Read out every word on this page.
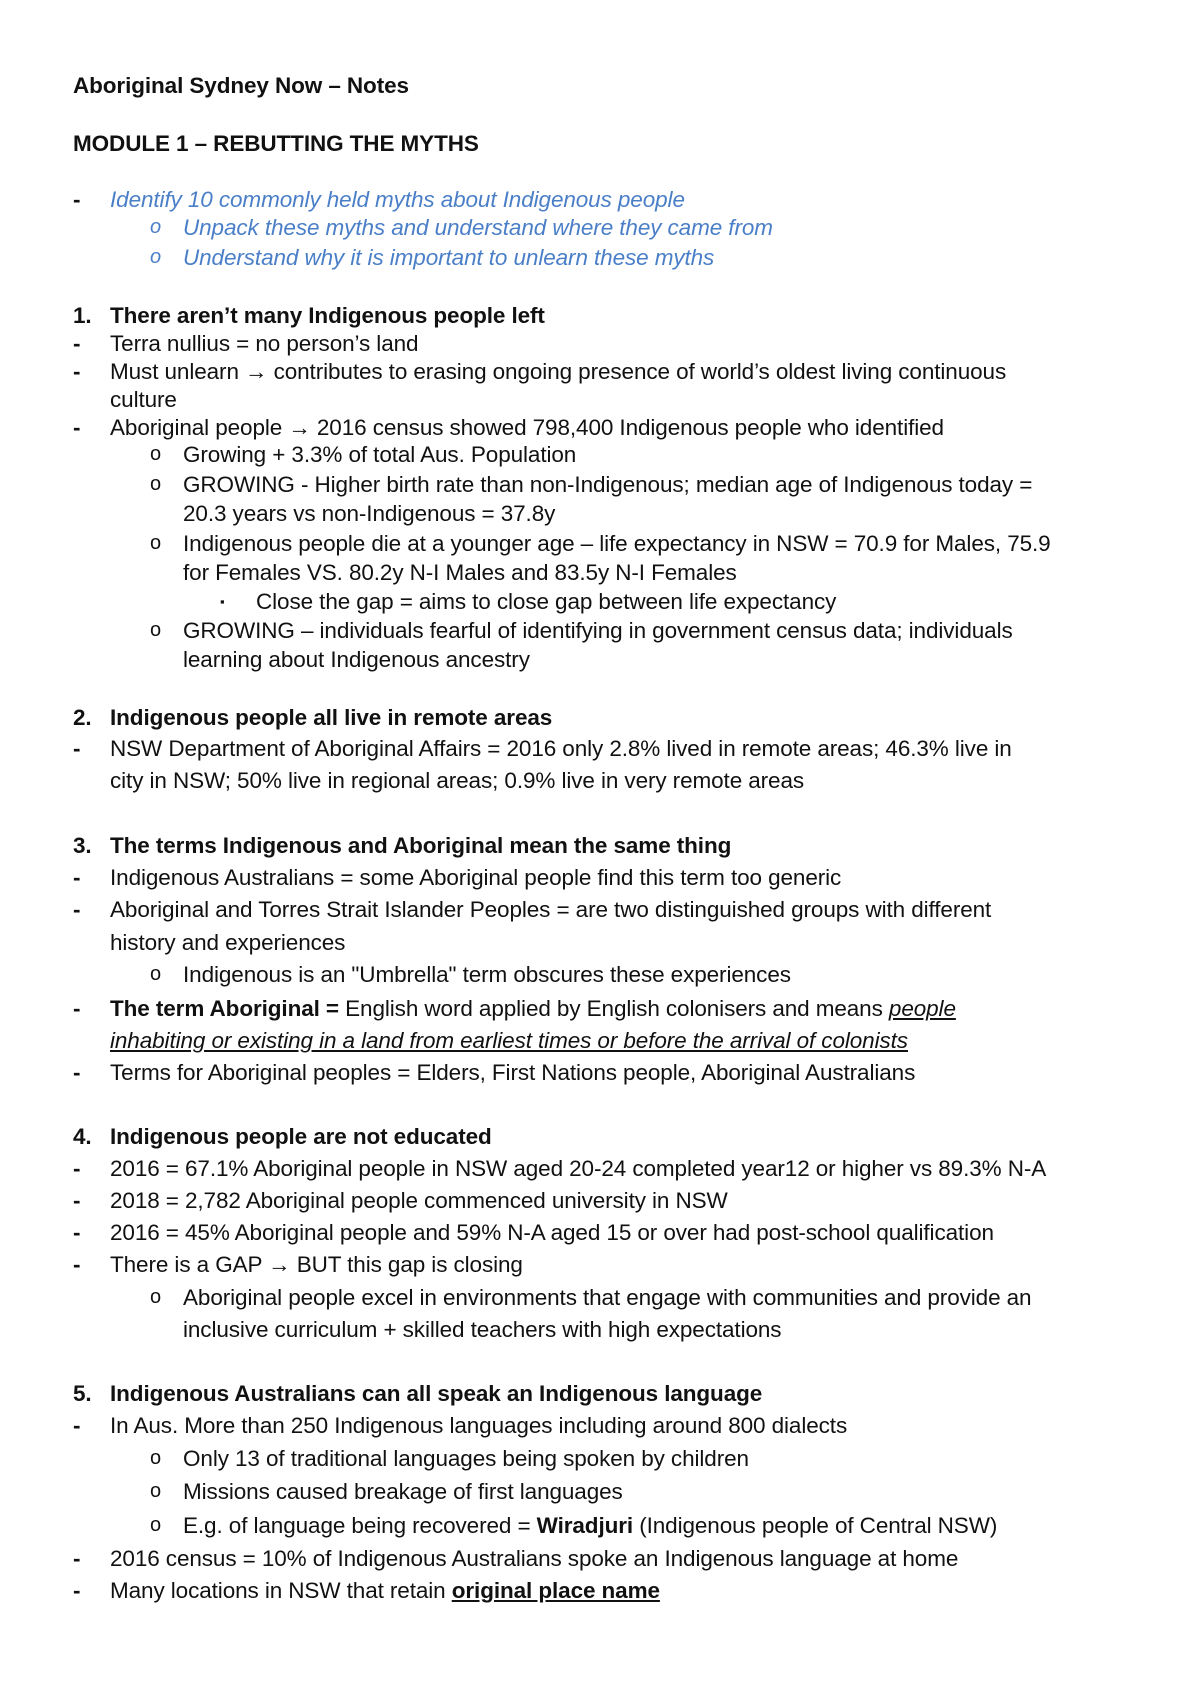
Aboriginal Sydney Now – Notes
MODULE 1 – REBUTTING THE MYTHS
- Identify 10 commonly held myths about Indigenous people
o Unpack these myths and understand where they came from
o Understand why it is important to unlearn these myths
1. There aren’t many Indigenous people left
- Terra nullius = no person’s land
- Must unlearn → contributes to erasing ongoing presence of world’s oldest living continuous
culture
- Aboriginal people → 2016 census showed 798,400 Indigenous people who identified
o Growing + 3.3% of total Aus. Population
o GROWING - Higher birth rate than non-Indigenous; median age of Indigenous today =
20.3 years vs non-Indigenous = 37.8y
o Indigenous people die at a younger age – life expectancy in NSW = 70.9 for Males, 75.9
for Females VS. 80.2y N-I Males and 83.5y N-I Females
▪ Close the gap = aims to close gap between life expectancy
o GROWING – individuals fearful of identifying in government census data; individuals
learning about Indigenous ancestry
2. Indigenous people all live in remote areas
- NSW Department of Aboriginal Affairs = 2016 only 2.8% lived in remote areas; 46.3% live in
city in NSW; 50% live in regional areas; 0.9% live in very remote areas
3. The terms Indigenous and Aboriginal mean the same thing
- Indigenous Australians = some Aboriginal people find this term too generic
- Aboriginal and Torres Strait Islander Peoples = are two distinguished groups with different
history and experiences
o Indigenous is an "Umbrella" term obscures these experiences
- The term Aboriginal = English word applied by English colonisers and means people
inhabiting or existing in a land from earliest times or before the arrival of colonists
- Terms for Aboriginal peoples = Elders, First Nations people, Aboriginal Australians
4. Indigenous people are not educated
- 2016 = 67.1% Aboriginal people in NSW aged 20-24 completed year12 or higher vs 89.3% N-A
- 2018 = 2,782 Aboriginal people commenced university in NSW
- 2016 = 45% Aboriginal people and 59% N-A aged 15 or over had post-school qualification
- There is a GAP → BUT this gap is closing
o Aboriginal people excel in environments that engage with communities and provide an
inclusive curriculum + skilled teachers with high expectations
5. Indigenous Australians can all speak an Indigenous language
- In Aus. More than 250 Indigenous languages including around 800 dialects
o Only 13 of traditional languages being spoken by children
o Missions caused breakage of first languages
o E.g. of language being recovered = Wiradjuri (Indigenous people of Central NSW)
- 2016 census = 10% of Indigenous Australians spoke an Indigenous language at home
- Many locations in NSW that retain original place name
